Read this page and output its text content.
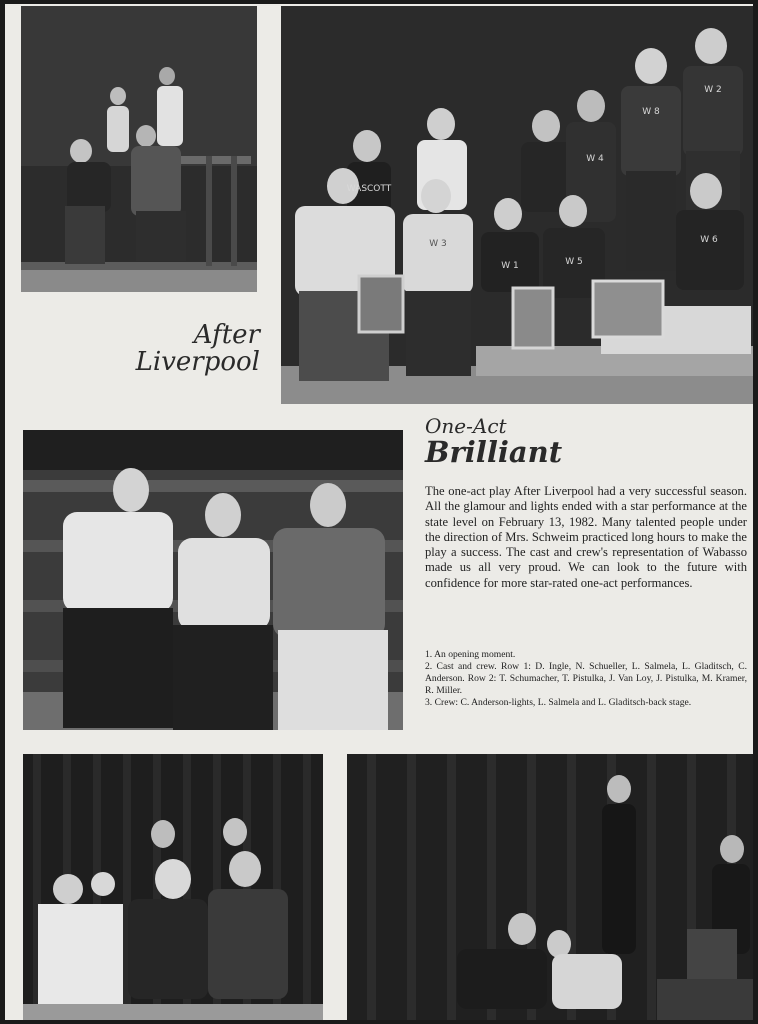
WASCOTT
W 3
W 1	W 5
W 4
W 6
W 8
W 2
After
Liverpool
One-Act
Brilliant
The one-act play After Liverpool had a very successful season. All the glamour and lights ended with a star performance at the state level on February 13, 1982. Many talented people under the direction of Mrs. Schweim practiced long hours to make the play a success. The cast and crew's representation of Wabasso made us all very proud. We can look to the future with confidence for more star-rated one-act performances.
1. An opening moment.
2. Cast and crew. Row 1: D. Ingle, N. Schueller, L. Salmela, L. Gladitsch, C. Anderson. Row 2: T. Schumacher, T. Pistulka, J. Van Loy, J. Pistulka, M. Kramer, R. Miller.
3. Crew: C. Anderson-lights, L. Salmela and L. Gladitsch-back stage.
